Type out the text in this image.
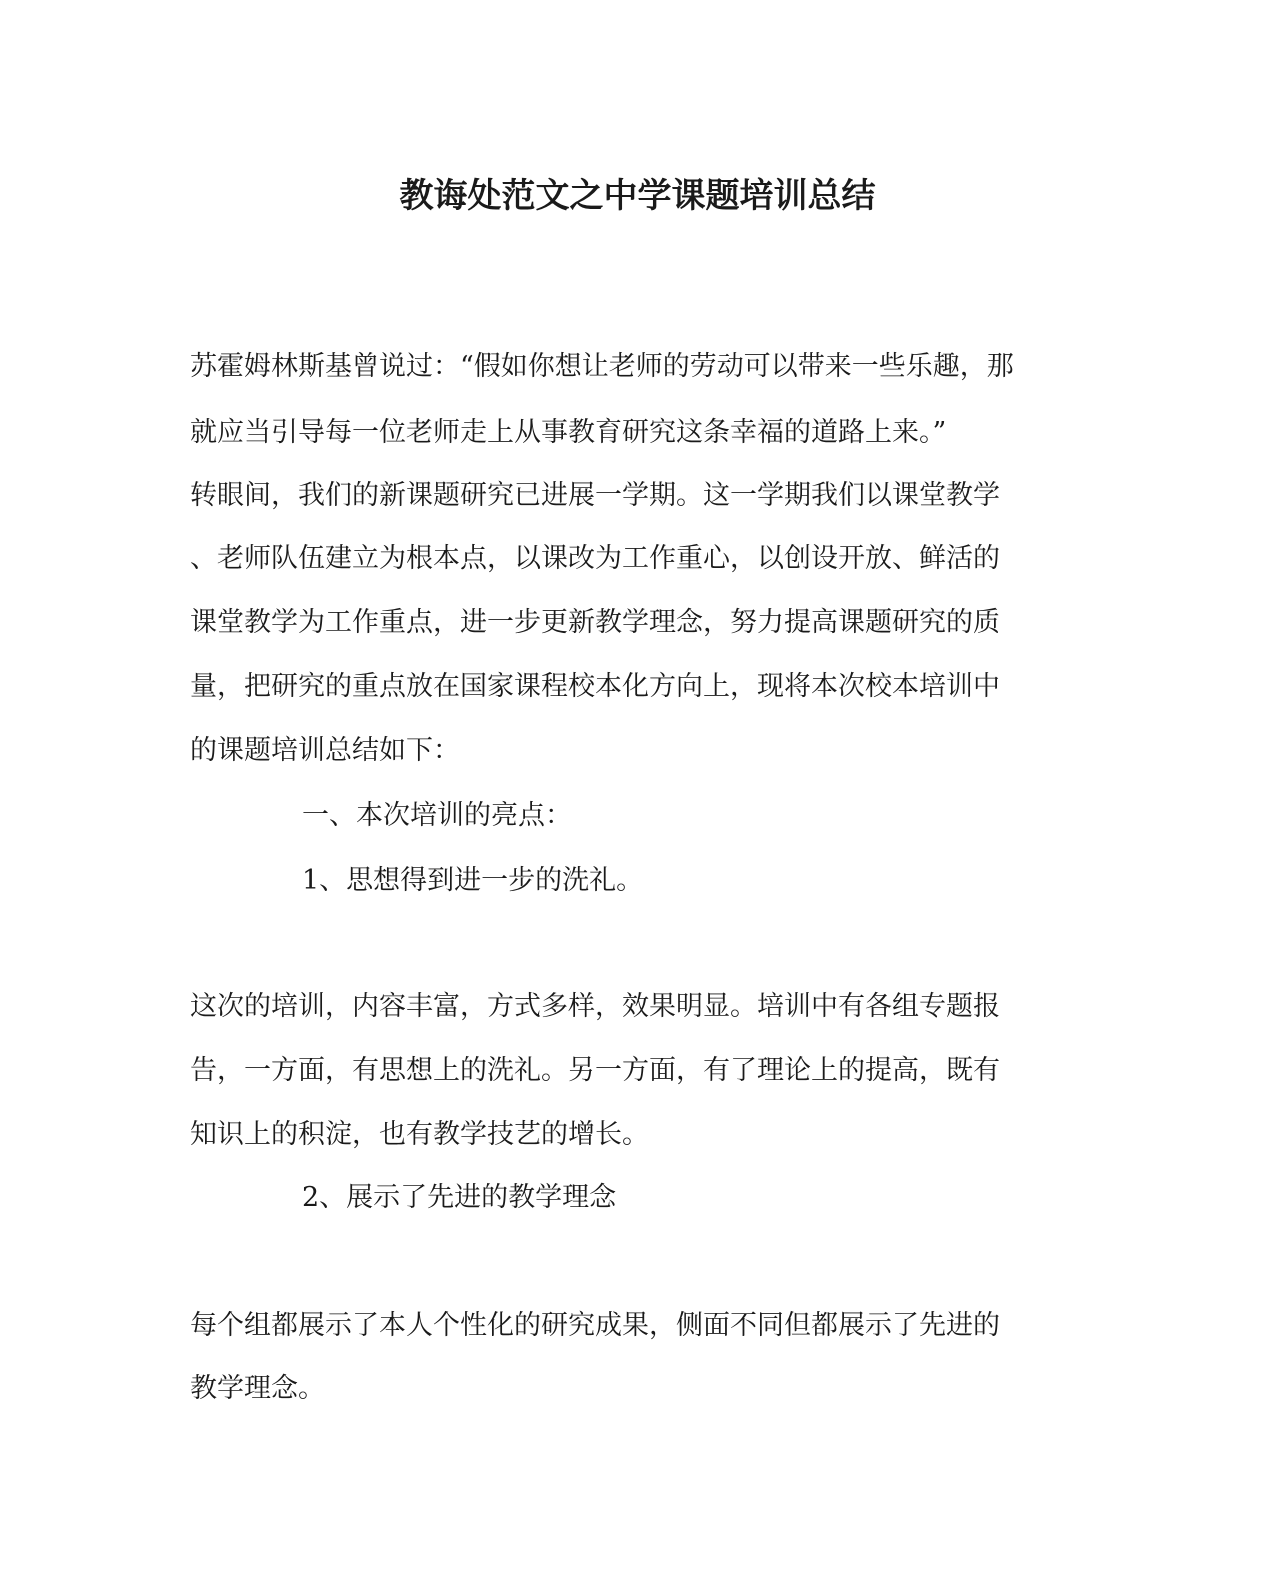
教诲处范文之中学课题培训总结

苏霍姆林斯基曾说过：“假如你想让老师的劳动可以带来一些乐趣，那

就应当引导每一位老师走上从事教育研究这条幸福的道路上来。”

转眼间，我们的新课题研究已进展一学期。这一学期我们以课堂教学

、老师队伍建立为根本点，以课改为工作重心，以创设开放、鲜活的

课堂教学为工作重点，进一步更新教学理念，努力提高课题研究的质

量，把研究的重点放在国家课程校本化方向上，现将本次校本培训中

的课题培训总结如下：

一、本次培训的亮点：

1、思想得到进一步的洗礼。

这次的培训，内容丰富，方式多样，效果明显。培训中有各组专题报

告，一方面，有思想上的洗礼。另一方面，有了理论上的提高，既有

知识上的积淀，也有教学技艺的增长。

2、展示了先进的教学理念

每个组都展示了本人个性化的研究成果，侧面不同但都展示了先进的

教学理念。
